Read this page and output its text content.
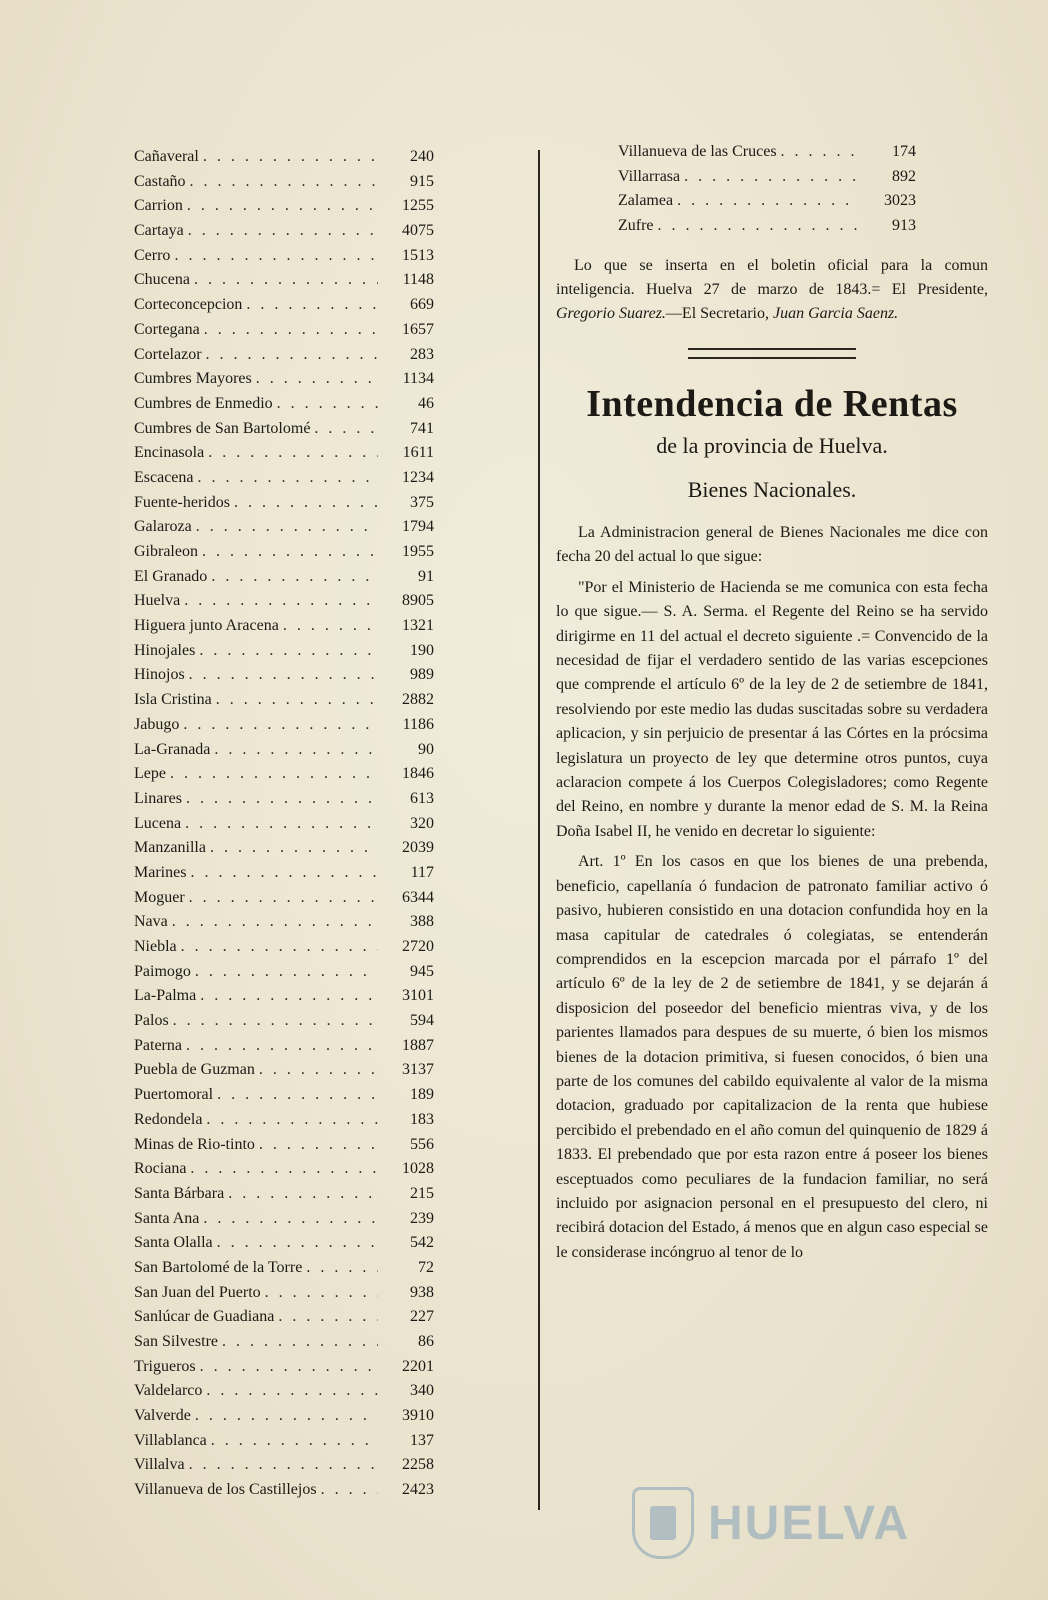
Cañaveral . . .	240
Castaño . . .	915
Carrion . . .	1255
Cartaya . . .	4075
Cerro . . .	1513
Chucena . . .	1148
Corteconcepcion . . .	669
Cortegana . . .	1657
Cortelazor . . .	283
Cumbres Mayores . . .	1134
Cumbres de Enmedio . . .	46
Cumbres de San Bartolomé . . .	741
Encinasola . . .	1611
Escacena . . .	1234
Fuente-heridos . . .	375
Galaroza . . .	1794
Gibraleon . . .	1955
El Granado . . .	91
Huelva . . .	8905
Higuera junto Aracena . . .	1321
Hinojales . . .	190
Hinojos . . .	989
Isla Cristina . . .	2882
Jabugo . . .	1186
La-Granada . . .	90
Lepe . . .	1846
Linares . . .	613
Lucena . . .	320
Manzanilla . . .	2039
Marines . . .	117
Moguer . . .	6344
Nava . . .	388
Niebla . . .	2720
Paimogo . . .	945
La-Palma . . .	3101
Palos . . .	594
Paterna . . .	1887
Puebla de Guzman . . .	3137
Puertomoral . . .	189
Redondela . . .	183
Minas de Rio-tinto . . .	556
Rociana . . .	1028
Santa Bárbara . . .	215
Santa Ana . . .	239
Santa Olalla . . .	542
San Bartolomé de la Torre . . .	72
San Juan del Puerto . . .	938
Sanlúcar de Guadiana . . .	227
San Silvestre . . .	86
Trigueros . . .	2201
Valdelarco . . .	340
Valverde . . .	3910
Villablanca . . .	137
Villalva . . .	2258
Villanueva de los Castillejos . . .	2423
Villanueva de las Cruces . . .	174
Villarrasa . . .	892
Zalamea . . .	3023
Zufre . . .	913
Lo que se inserta en el boletin oficial para la comun inteligencia. Huelva 27 de marzo de 1843.= El Presidente, Gregorio Suarez.—El Secretario, Juan Garcia Saenz.
Intendencia de Rentas
de la provincia de Huelva.
Bienes Nacionales.

La Administracion general de Bienes Nacionales me dice con fecha 20 del actual lo que sigue:

"Por el Ministerio de Hacienda se me comunica con esta fecha lo que sigue.— S. A. Serma. el Regente del Reino se ha servido dirigirme en 11 del actual el decreto siguiente .= Convencido de la necesidad de fijar el verdadero sentido de las varias escepciones que comprende el artículo 6º de la ley de 2 de setiembre de 1841, resolviendo por este medio las dudas suscitadas sobre su verdadera aplicacion, y sin perjuicio de presentar á las Córtes en la prócsima legislatura un proyecto de ley que determine otros puntos, cuya aclaracion compete á los Cuerpos Colegisladores; como Regente del Reino, en nombre y durante la menor edad de S. M. la Reina Doña Isabel II, he venido en decretar lo siguiente:

Art. 1º En los casos en que los bienes de una prebenda, beneficio, capellanía ó fundacion de patronato familiar activo ó pasivo, hubieren consistido en una dotacion confundida hoy en la masa capitular de catedrales ó colegiatas, se entenderán comprendidos en la escepcion marcada por el párrafo 1º del artículo 6º de la ley de 2 de setiembre de 1841, y se dejarán á disposicion del poseedor del beneficio mientras viva, y de los parientes llamados para despues de su muerte, ó bien los mismos bienes de la dotacion primitiva, si fuesen conocidos, ó bien una parte de los comunes del cabildo equivalente al valor de la misma dotacion, graduado por capitalizacion de la renta que hubiese percibido el prebendado en el año comun del quinquenio de 1829 á 1833. El prebendado que por esta razon entre á poseer los bienes esceptuados como peculiares de la fundacion familiar, no será incluido por asignacion personal en el presupuesto del clero, ni recibirá dotacion del Estado, á menos que en algun caso especial se le considerase incóngruo al tenor de lo

HUELVA
